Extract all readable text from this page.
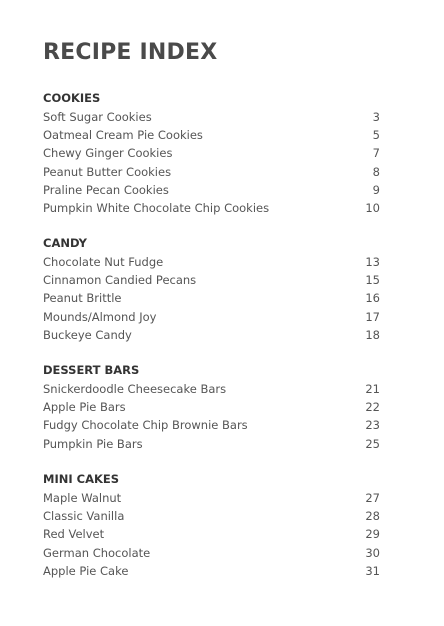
RECIPE INDEX
COOKIES
Soft Sugar Cookies	3
Oatmeal Cream Pie Cookies	5
Chewy Ginger Cookies	7
Peanut Butter Cookies	8
Praline Pecan Cookies	9
Pumpkin White Chocolate Chip Cookies	10
CANDY
Chocolate Nut Fudge	13
Cinnamon Candied Pecans	15
Peanut Brittle	16
Mounds/Almond Joy	17
Buckeye Candy	18
DESSERT BARS
Snickerdoodle Cheesecake Bars	21
Apple Pie Bars	22
Fudgy Chocolate Chip Brownie Bars	23
Pumpkin Pie Bars	25
MINI CAKES
Maple Walnut	27
Classic Vanilla	28
Red Velvet	29
German Chocolate	30
Apple Pie Cake	31
